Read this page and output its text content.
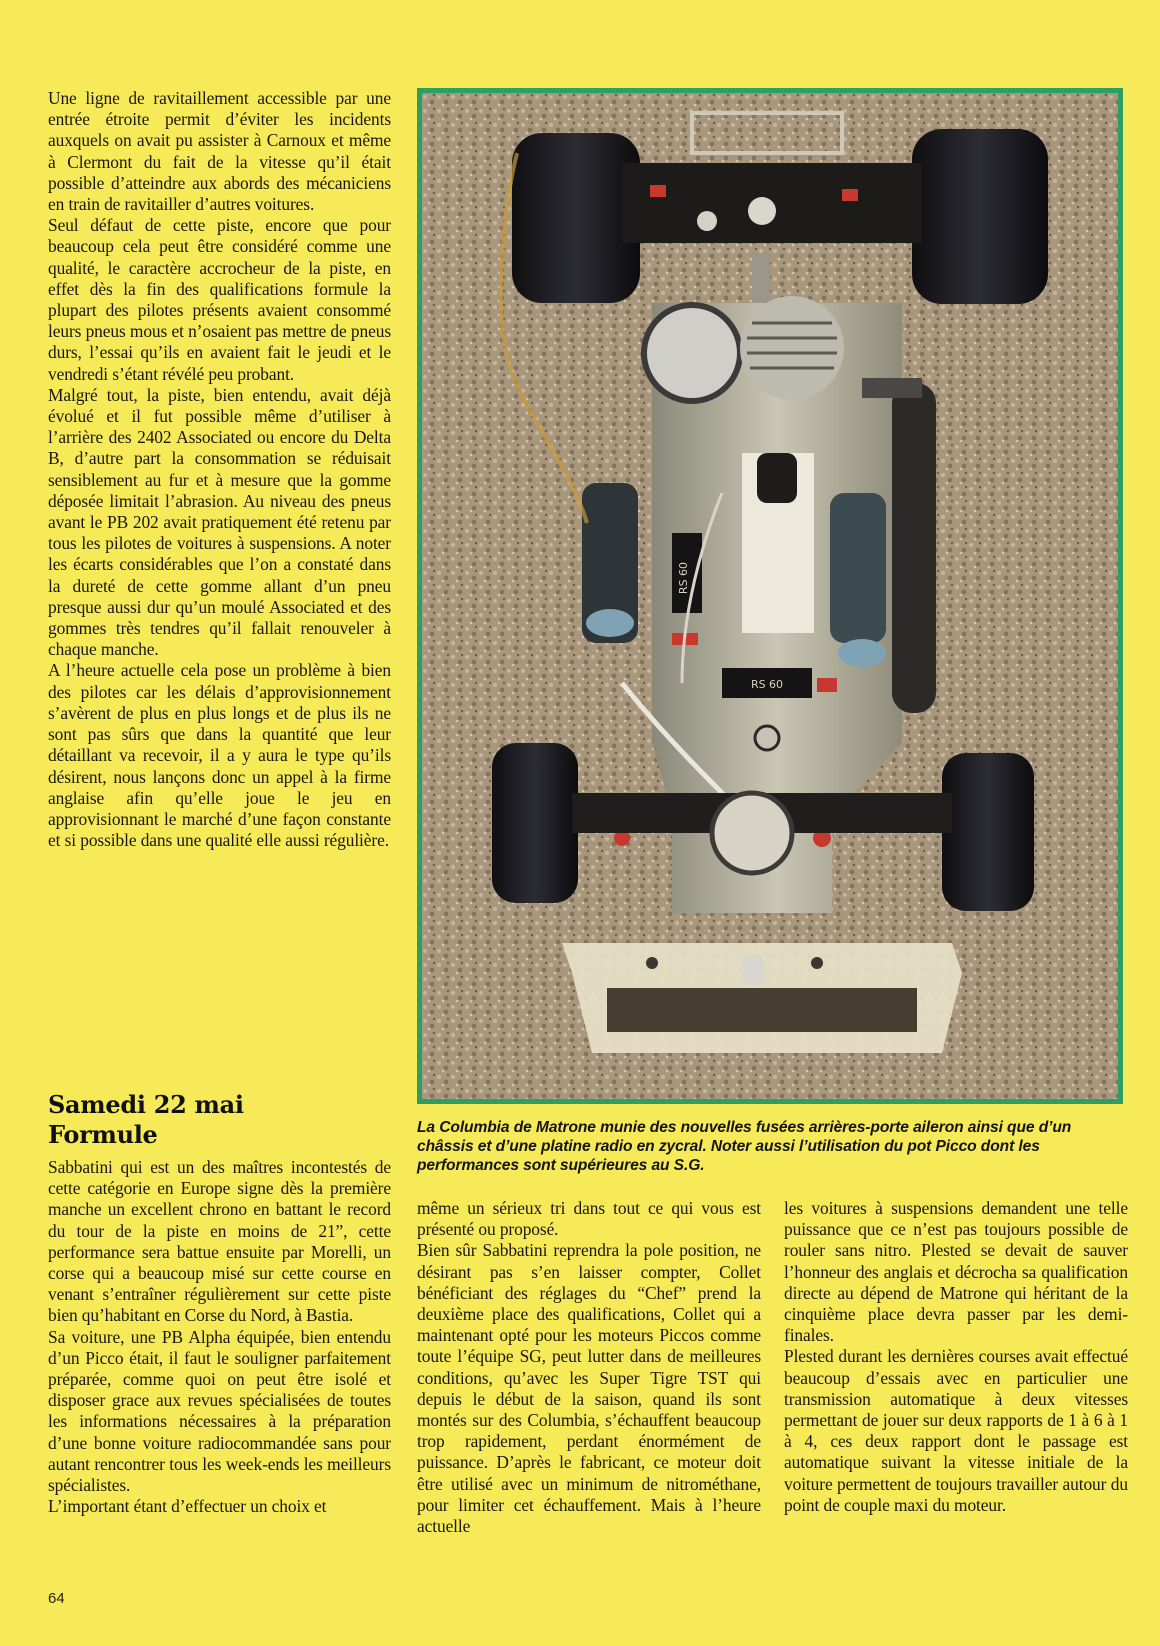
Une ligne de ravitaillement accessible par une entrée étroite permit d’éviter les incidents auxquels on avait pu assister à Carnoux et même à Clermont du fait de la vitesse qu’il était possible d’atteindre aux abords des mécaniciens en train de ravitailler d’autres voitures.

Seul défaut de cette piste, encore que pour beaucoup cela peut être considéré comme une qualité, le caractère accrocheur de la piste, en effet dès la fin des qualifications formule la plupart des pilotes présents avaient consommé leurs pneus mous et n’osaient pas mettre de pneus durs, l’essai qu’ils en avaient fait le jeudi et le vendredi s’étant révélé peu probant.

Malgré tout, la piste, bien entendu, avait déjà évolué et il fut possible même d’utiliser à l’arrière des 2402 Associated ou encore du Delta B, d’autre part la consommation se réduisait sensiblement au fur et à mesure que la gomme déposée limitait l’abrasion. Au niveau des pneus avant le PB 202 avait pratiquement été retenu par tous les pilotes de voitures à suspensions. A noter les écarts considérables que l’on a constaté dans la dureté de cette gomme allant d’un pneu presque aussi dur qu’un moulé Associated et des gommes très tendres qu’il fallait renouveler à chaque manche.

A l’heure actuelle cela pose un problème à bien des pilotes car les délais d’approvisionnement s’avèrent de plus en plus longs et de plus ils ne sont pas sûrs que dans la quantité que leur détaillant va recevoir, il a y aura le type qu’ils désirent, nous lançons donc un appel à la firme anglaise afin qu’elle joue le jeu en approvisionnant le marché d’une façon constante et si possible dans une qualité elle aussi régulière.

Samedi 22 mai
Formule

Sabbatini qui est un des maîtres incontestés de cette catégorie en Europe signe dès la première manche un excellent chrono en battant le record du tour de la piste en moins de 21”, cette performance sera battue ensuite par Morelli, un corse qui a beaucoup misé sur cette course en venant s’entraîner régulièrement sur cette piste bien qu’habitant en Corse du Nord, à Bastia.

Sa voiture, une PB Alpha équipée, bien entendu d’un Picco était, il faut le souligner parfaitement préparée, comme quoi on peut être isolé et disposer grace aux revues spécialisées de toutes les informations nécessaires à la préparation d’une bonne voiture radiocommandée sans pour autant rencontrer tous les week-ends les meilleurs spécialistes.

L’important étant d’effectuer un choix et

RS 60
RS 60
La Columbia de Matrone munie des nouvelles fusées arrières-porte aileron ainsi que d’un châssis et d’une platine radio en zycral. Noter aussi l’utilisation du pot Picco dont les performances sont supérieures au S.G.

même un sérieux tri dans tout ce qui vous est présenté ou proposé.

Bien sûr Sabbatini reprendra la pole position, ne désirant pas s’en laisser compter, Collet bénéficiant des réglages du “Chef” prend la deuxième place des qualifications, Collet qui a maintenant opté pour les moteurs Piccos comme toute l’équipe SG, peut lutter dans de meilleures conditions, qu’avec les Super Tigre TST qui depuis le début de la saison, quand ils sont montés sur des Columbia, s’échauffent beaucoup trop rapidement, perdant énormément de puissance. D’après le fabricant, ce moteur doit être utilisé avec un minimum de nitrométhane, pour limiter cet échauffement. Mais à l’heure actuelle

les voitures à suspensions demandent une telle puissance que ce n’est pas toujours possible de rouler sans nitro. Plested se devait de sauver l’honneur des anglais et décrocha sa qualification directe au dépend de Matrone qui héritant de la cinquième place devra passer par les demi-finales.

Plested durant les dernières courses avait effectué beaucoup d’essais avec en particulier une transmission automatique à deux vitesses permettant de jouer sur deux rapports de 1 à 6 à 1 à 4, ces deux rapport dont le passage est automatique suivant la vitesse initiale de la voiture permettent de toujours travailler autour du point de couple maxi du moteur.

64
